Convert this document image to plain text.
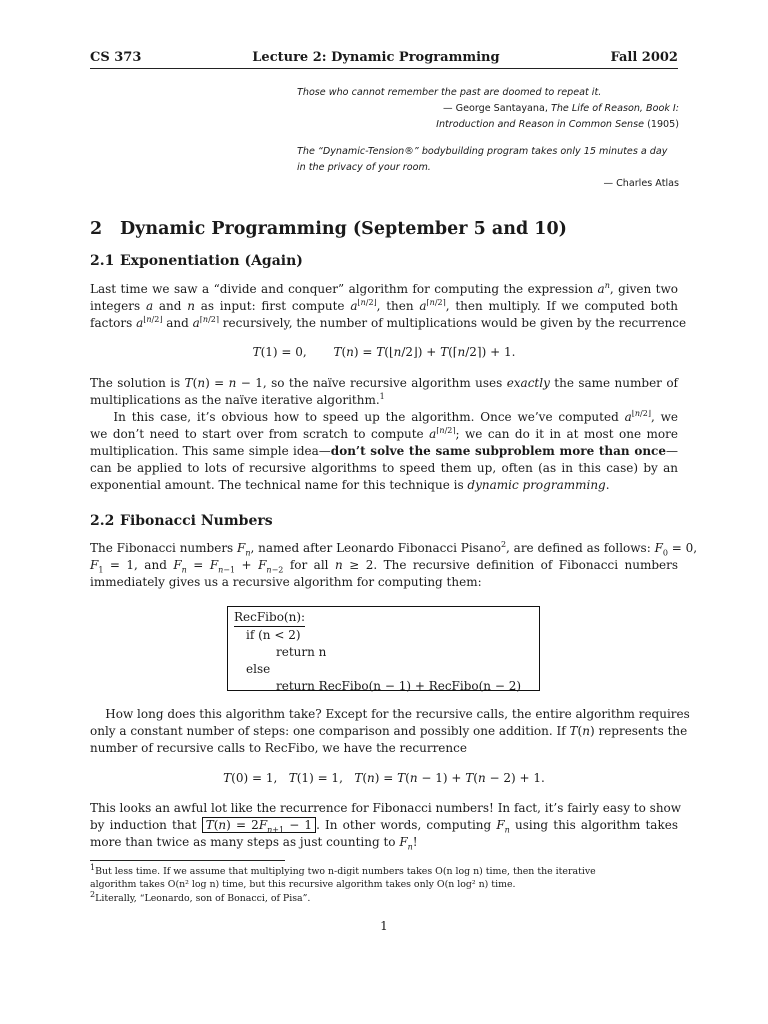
CS 373	Lecture 2: Dynamic Programming	Fall 2002
Those who cannot remember the past are doomed to repeat it.
— George Santayana, The Life of Reason, Book I:
Introduction and Reason in Common Sense (1905)
The “Dynamic-Tension®” bodybuilding program takes only 15 minutes a day
in the privacy of your room.
— Charles Atlas
2 Dynamic Programming (September 5 and 10)
2.1 Exponentiation (Again)
Last time we saw a “divide and conquer” algorithm for computing the expression $a^n$, given two
integers a and n as input: first compute $a^{⌊n/2⌋}$, then $a^{⌈n/2⌉}$, then multiply. If we computed both
factors $a^{⌊n/2⌋}$ and $a^{⌈n/2⌉}$ recursively, the number of multiplications would be given by the recurrence
T(1) = 0,       T(n) = T(⌊n/2⌋) + T(⌈n/2⌉) + 1.
The solution is T(n) = n − 1, so the naïve recursive algorithm uses exactly the same number of
multiplications as the naïve iterative algorithm.$^1$
In this case, it’s obvious how to speed up the algorithm. Once we’ve computed $a^{⌊n/2⌋}$, we
we don’t need to start over from scratch to compute $a^{⌈n/2⌉}$; we can do it in at most one more
multiplication. This same simple idea—don’t solve the same subproblem more than once—
can be applied to lots of recursive algorithms to speed them up, often (as in this case) by an
exponential amount. The technical name for this technique is dynamic programming.
2.2 Fibonacci Numbers
The Fibonacci numbers $F_n$, named after Leonardo Fibonacci Pisano$^2$, are defined as follows: $F_0 = 0$,
$F_1 = 1$, and $F_n = F_{n-1} + F_{n-2}$ for all n ≥ 2. The recursive definition of Fibonacci numbers
immediately gives us a recursive algorithm for computing them:
RecFibo(n):
if (n < 2)
return n
else
return RecFibo(n − 1) + RecFibo(n − 2)
How long does this algorithm take? Except for the recursive calls, the entire algorithm requires
only a constant number of steps: one comparison and possibly one addition. If T(n) represents the
number of recursive calls to RecFibo, we have the recurrence
T(0) = 1,   T(1) = 1,   T(n) = T(n − 1) + T(n − 2) + 1.
This looks an awful lot like the recurrence for Fibonacci numbers! In fact, it’s fairly easy to show
by induction that $T(n) = 2F_{n+1} - 1$ . In other words, computing $F_n$ using this algorithm takes
more than twice as many steps as just counting to $F_n$!
$^1$But less time. If we assume that multiplying two n-digit numbers takes O(n log n) time, then the iterative
algorithm takes O(n² log n) time, but this recursive algorithm takes only O(n log² n) time.
$^2$Literally, “Leonardo, son of Bonacci, of Pisa”.
1
